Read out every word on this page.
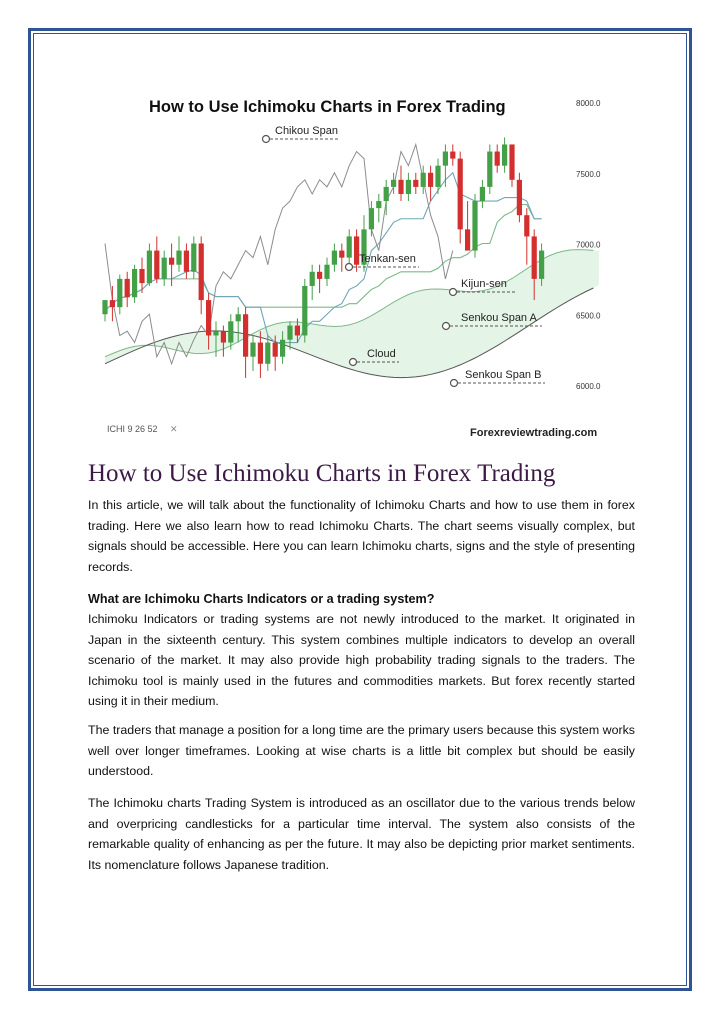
8000.0
7500.0
7000.0
6500.0
6000.0
How to Use Ichimoku Charts in Forex Trading
Chikou Span
Tenkan-sen
Kijun-sen
Senkou Span A
Cloud
Senkou Span B
ICHI 9 26 52 ✕	Forexreviewtrading.com
How to Use Ichimoku Charts in Forex Trading

In this article, we will talk about the functionality of Ichimoku Charts and how to use them in forex trading. Here we also learn how to read Ichimoku Charts. The chart seems visually complex, but signals should be accessible. Here you can learn Ichimoku charts, signs and the style of presenting records.

What are Ichimoku Charts Indicators or a trading system?

Ichimoku Indicators or trading systems are not newly introduced to the market. It originated in Japan in the sixteenth century. This system combines multiple indicators to develop an overall scenario of the market. It may also provide high probability trading signals to the traders. The Ichimoku tool is mainly used in the futures and commodities markets. But forex recently started using it in their medium.

The traders that manage a position for a long time are the primary users because this system works well over longer timeframes. Looking at wise charts is a little bit complex but should be easily understood.

The Ichimoku charts Trading System is introduced as an oscillator due to the various trends below and overpricing candlesticks for a particular time interval. The system also consists of the remarkable quality of enhancing as per the future. It may also be depicting prior market sentiments. Its nomenclature follows Japanese tradition.
